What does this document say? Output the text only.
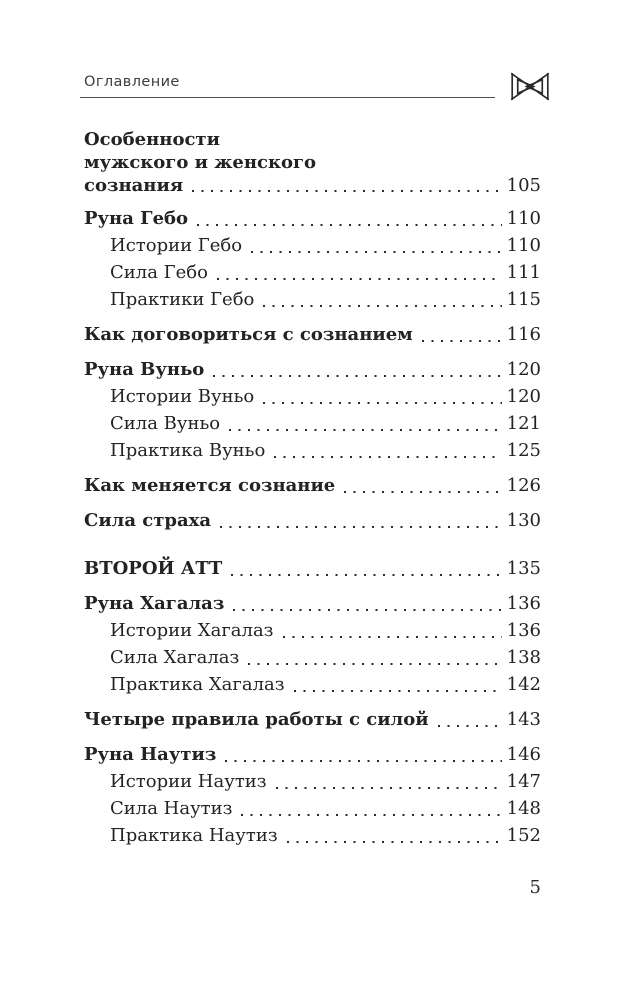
Оглавление
Особенности
мужского и женского
сознания	105
Руна Гебо	110
Истории Гебо	110
Сила Гебо	111
Практики Гебо	115
Как договориться с сознанием	116
Руна Вуньо	120
Истории Вуньо	120
Сила Вуньо	121
Практика Вуньо	125
Как меняется сознание	126
Сила страха	130
ВТОРОЙ АТТ	135
Руна Хагалаз	136
Истории Хагалаз	136
Сила Хагалаз	138
Практика Хагалаз	142
Четыре правила работы с силой	143
Руна Наутиз	146
Истории Наутиз	147
Сила Наутиз	148
Практика Наутиз	152
5
